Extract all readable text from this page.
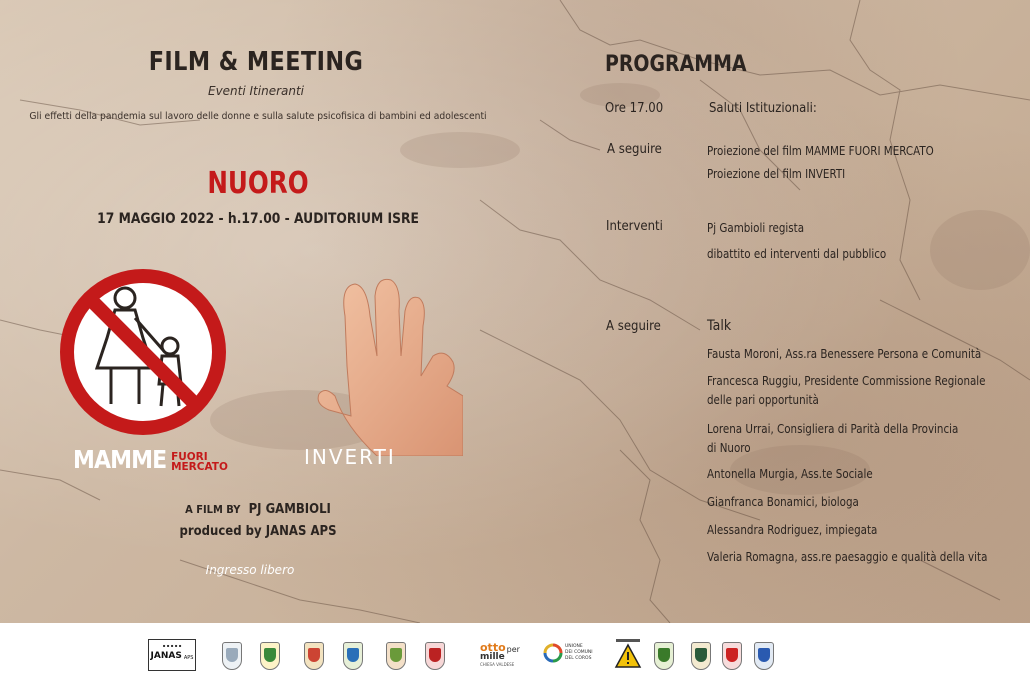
FILM & MEETING
Eventi Itineranti
Gli effetti della pandemia sul lavoro delle donne e sulla salute psicofisica di bambini ed adolescenti
NUORO
17 MAGGIO 2022 - h.17.00 - AUDITORIUM ISRE
MAMME FUORI
MERCATO	INVERTI
A FILM BY PJ GAMBIOLI
produced by JANAS APS
Ingresso libero
PROGRAMMA
Ore 17.00	Saluti Istituzionali:
A seguire	Proiezione del film MAMME FUORI MERCATO
Proiezione del film INVERTI
Interventi	Pj Gambioli regista
dibattito ed interventi dal pubblico
A seguire	Talk
Fausta Moroni, Ass.ra Benessere Persona e Comunità
Francesca Ruggiu, Presidente Commissione Regionale
delle pari opportunità
Lorena Urrai, Consigliera di Parità della Provincia
di Nuoro
Antonella Murgia, Ass.te Sociale
Gianfranca Bonamici, biologa
Alessandra Rodriguez, impiegata
Valeria Romagna, ass.re paesaggio e qualità della vita
▪ ▪ ▪ ▪ ▪
JANAS APS
otto per
mille
CHIESA VALDESE
UNIONE
DEI COMUNI
DEL COROS
